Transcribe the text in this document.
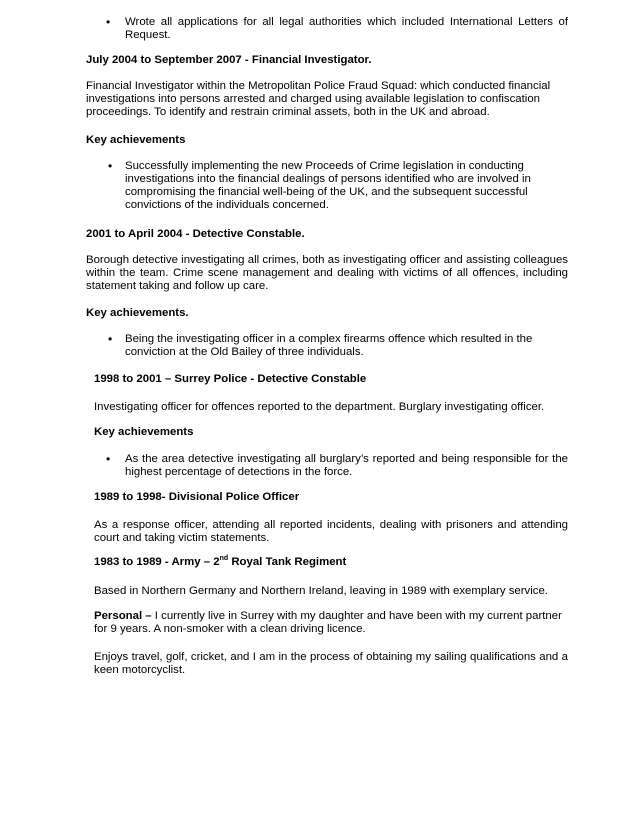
• Wrote all applications for all legal authorities which included International Letters of Request.

July 2004 to September 2007 - Financial Investigator.

Financial Investigator within the Metropolitan Police Fraud Squad: which conducted financial investigations into persons arrested and charged using available legislation to confiscation proceedings. To identify and restrain criminal assets, both in the UK and abroad.

Key achievements

• Successfully implementing the new Proceeds of Crime legislation in conducting investigations into the financial dealings of persons identified who are involved in compromising the financial well-being of the UK, and the subsequent successful convictions of the individuals concerned.

2001 to April 2004 - Detective Constable.

Borough detective investigating all crimes, both as investigating officer and assisting colleagues within the team. Crime scene management and dealing with victims of all offences, including statement taking and follow up care.

Key achievements.

• Being the investigating officer in a complex firearms offence which resulted in the conviction at the Old Bailey of three individuals.

1998 to 2001 – Surrey Police - Detective Constable

Investigating officer for offences reported to the department. Burglary investigating officer.

Key achievements

• As the area detective investigating all burglary’s reported and being responsible for the highest percentage of detections in the force.

1989 to 1998- Divisional Police Officer

As a response officer, attending all reported incidents, dealing with prisoners and attending court and taking victim statements.

1983 to 1989 - Army – 2nd Royal Tank Regiment

Based in Northern Germany and Northern Ireland, leaving in 1989 with exemplary service.

Personal – I currently live in Surrey with my daughter and have been with my current partner for 9 years. A non-smoker with a clean driving licence.

Enjoys travel, golf, cricket, and I am in the process of obtaining my sailing qualifications and a keen motorcyclist.
